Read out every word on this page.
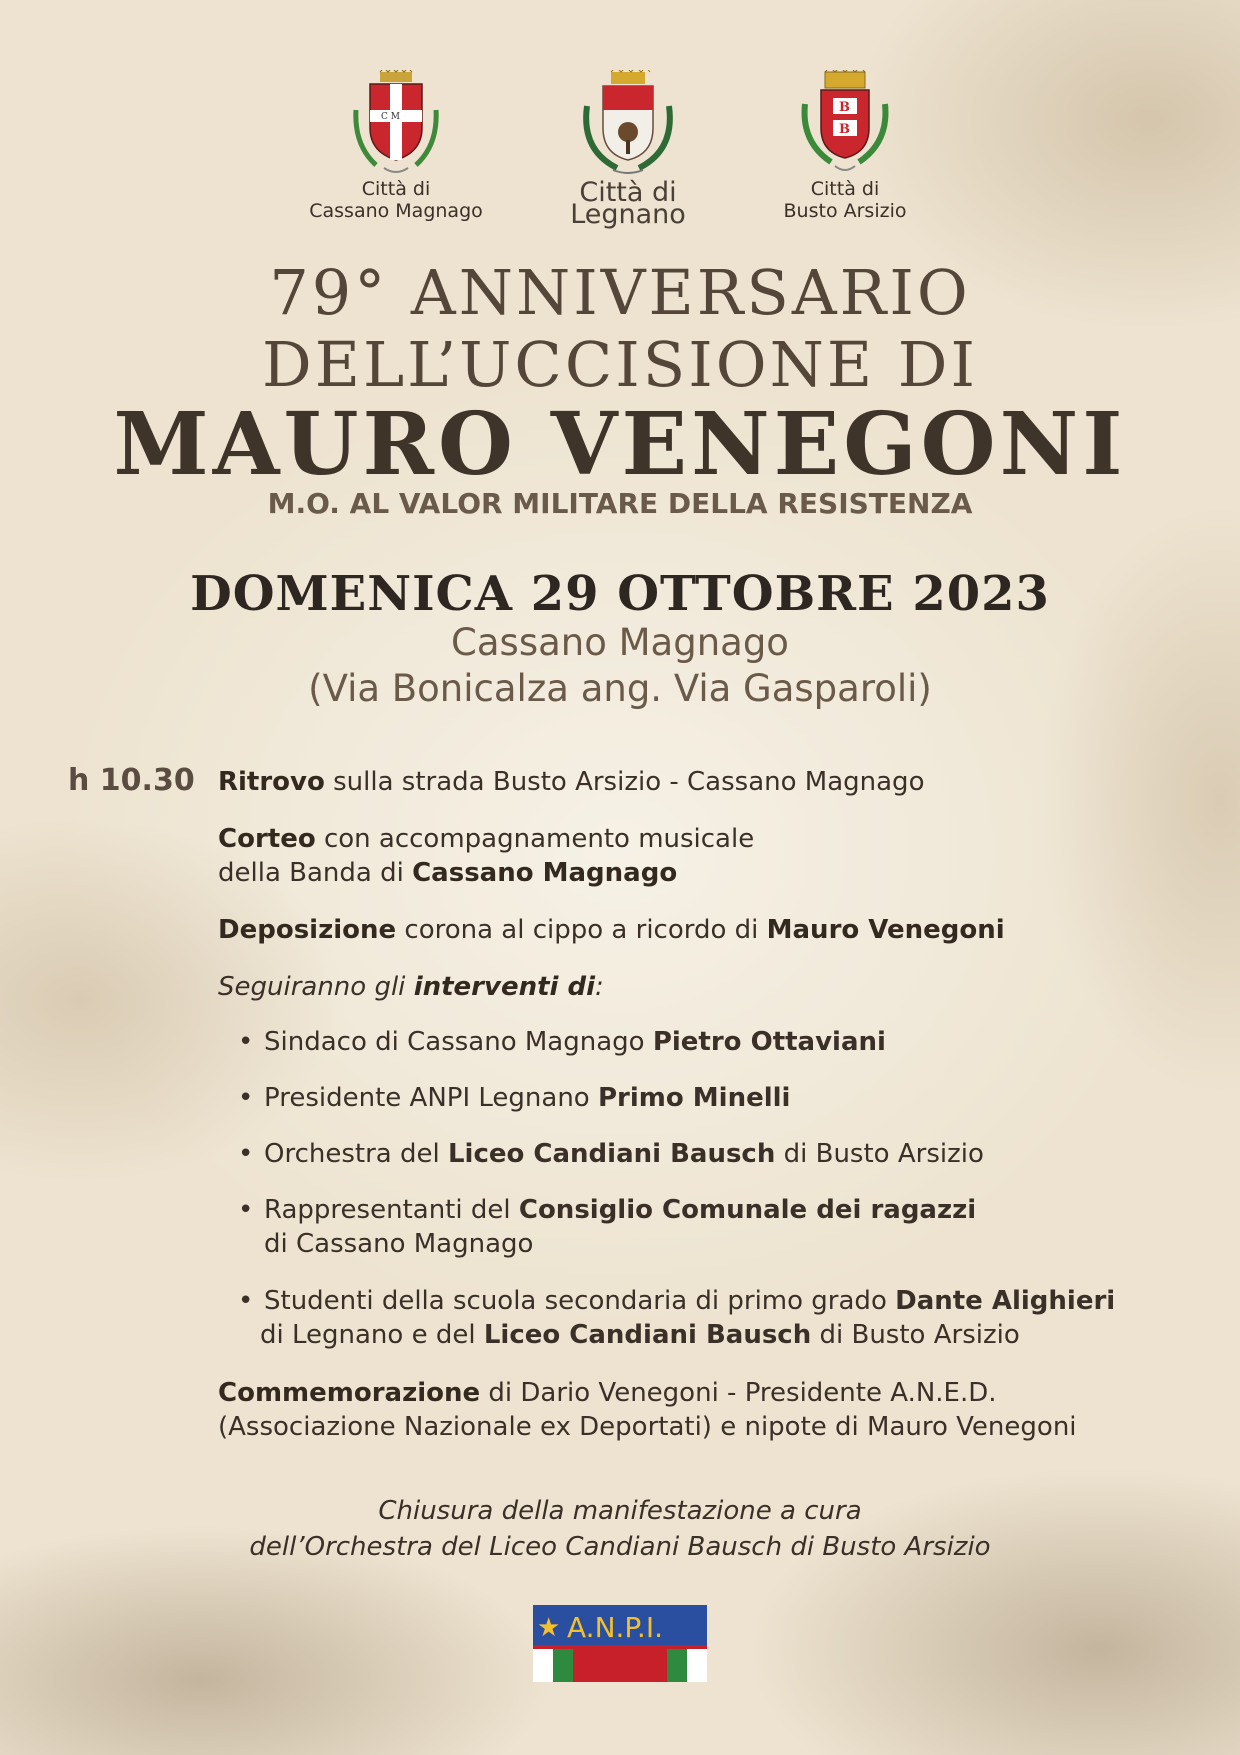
C M
Città di
Cassano Magnago
Città di Legnano
B
B
Città di
Busto Arsizio
79° ANNIVERSARIO
DELL’UCCISIONE DI
MAURO VENEGONI
M.O. AL VALOR MILITARE DELLA RESISTENZA
DOMENICA 29 OTTOBRE 2023
Cassano Magnago
(Via Bonicalza ang. Via Gasparoli)
h 10.30 Ritrovo sulla strada Busto Arsizio - Cassano Magnago
Corteo con accompagnamento musicale
della Banda di Cassano Magnago
Deposizione corona al cippo a ricordo di Mauro Venegoni
Seguiranno gli interventi di:
• Sindaco di Cassano Magnago Pietro Ottaviani
• Presidente ANPI Legnano Primo Minelli
• Orchestra del Liceo Candiani Bausch di Busto Arsizio
• Rappresentanti del Consiglio Comunale dei ragazzi
di Cassano Magnago
• Studenti della scuola secondaria di primo grado Dante Alighieri
di Legnano e del Liceo Candiani Bausch di Busto Arsizio
Commemorazione di Dario Venegoni - Presidente A.N.E.D.
(Associazione Nazionale ex Deportati) e nipote di Mauro Venegoni
Chiusura della manifestazione a cura
dell’Orchestra del Liceo Candiani Bausch di Busto Arsizio
★ A.N.P.I.
